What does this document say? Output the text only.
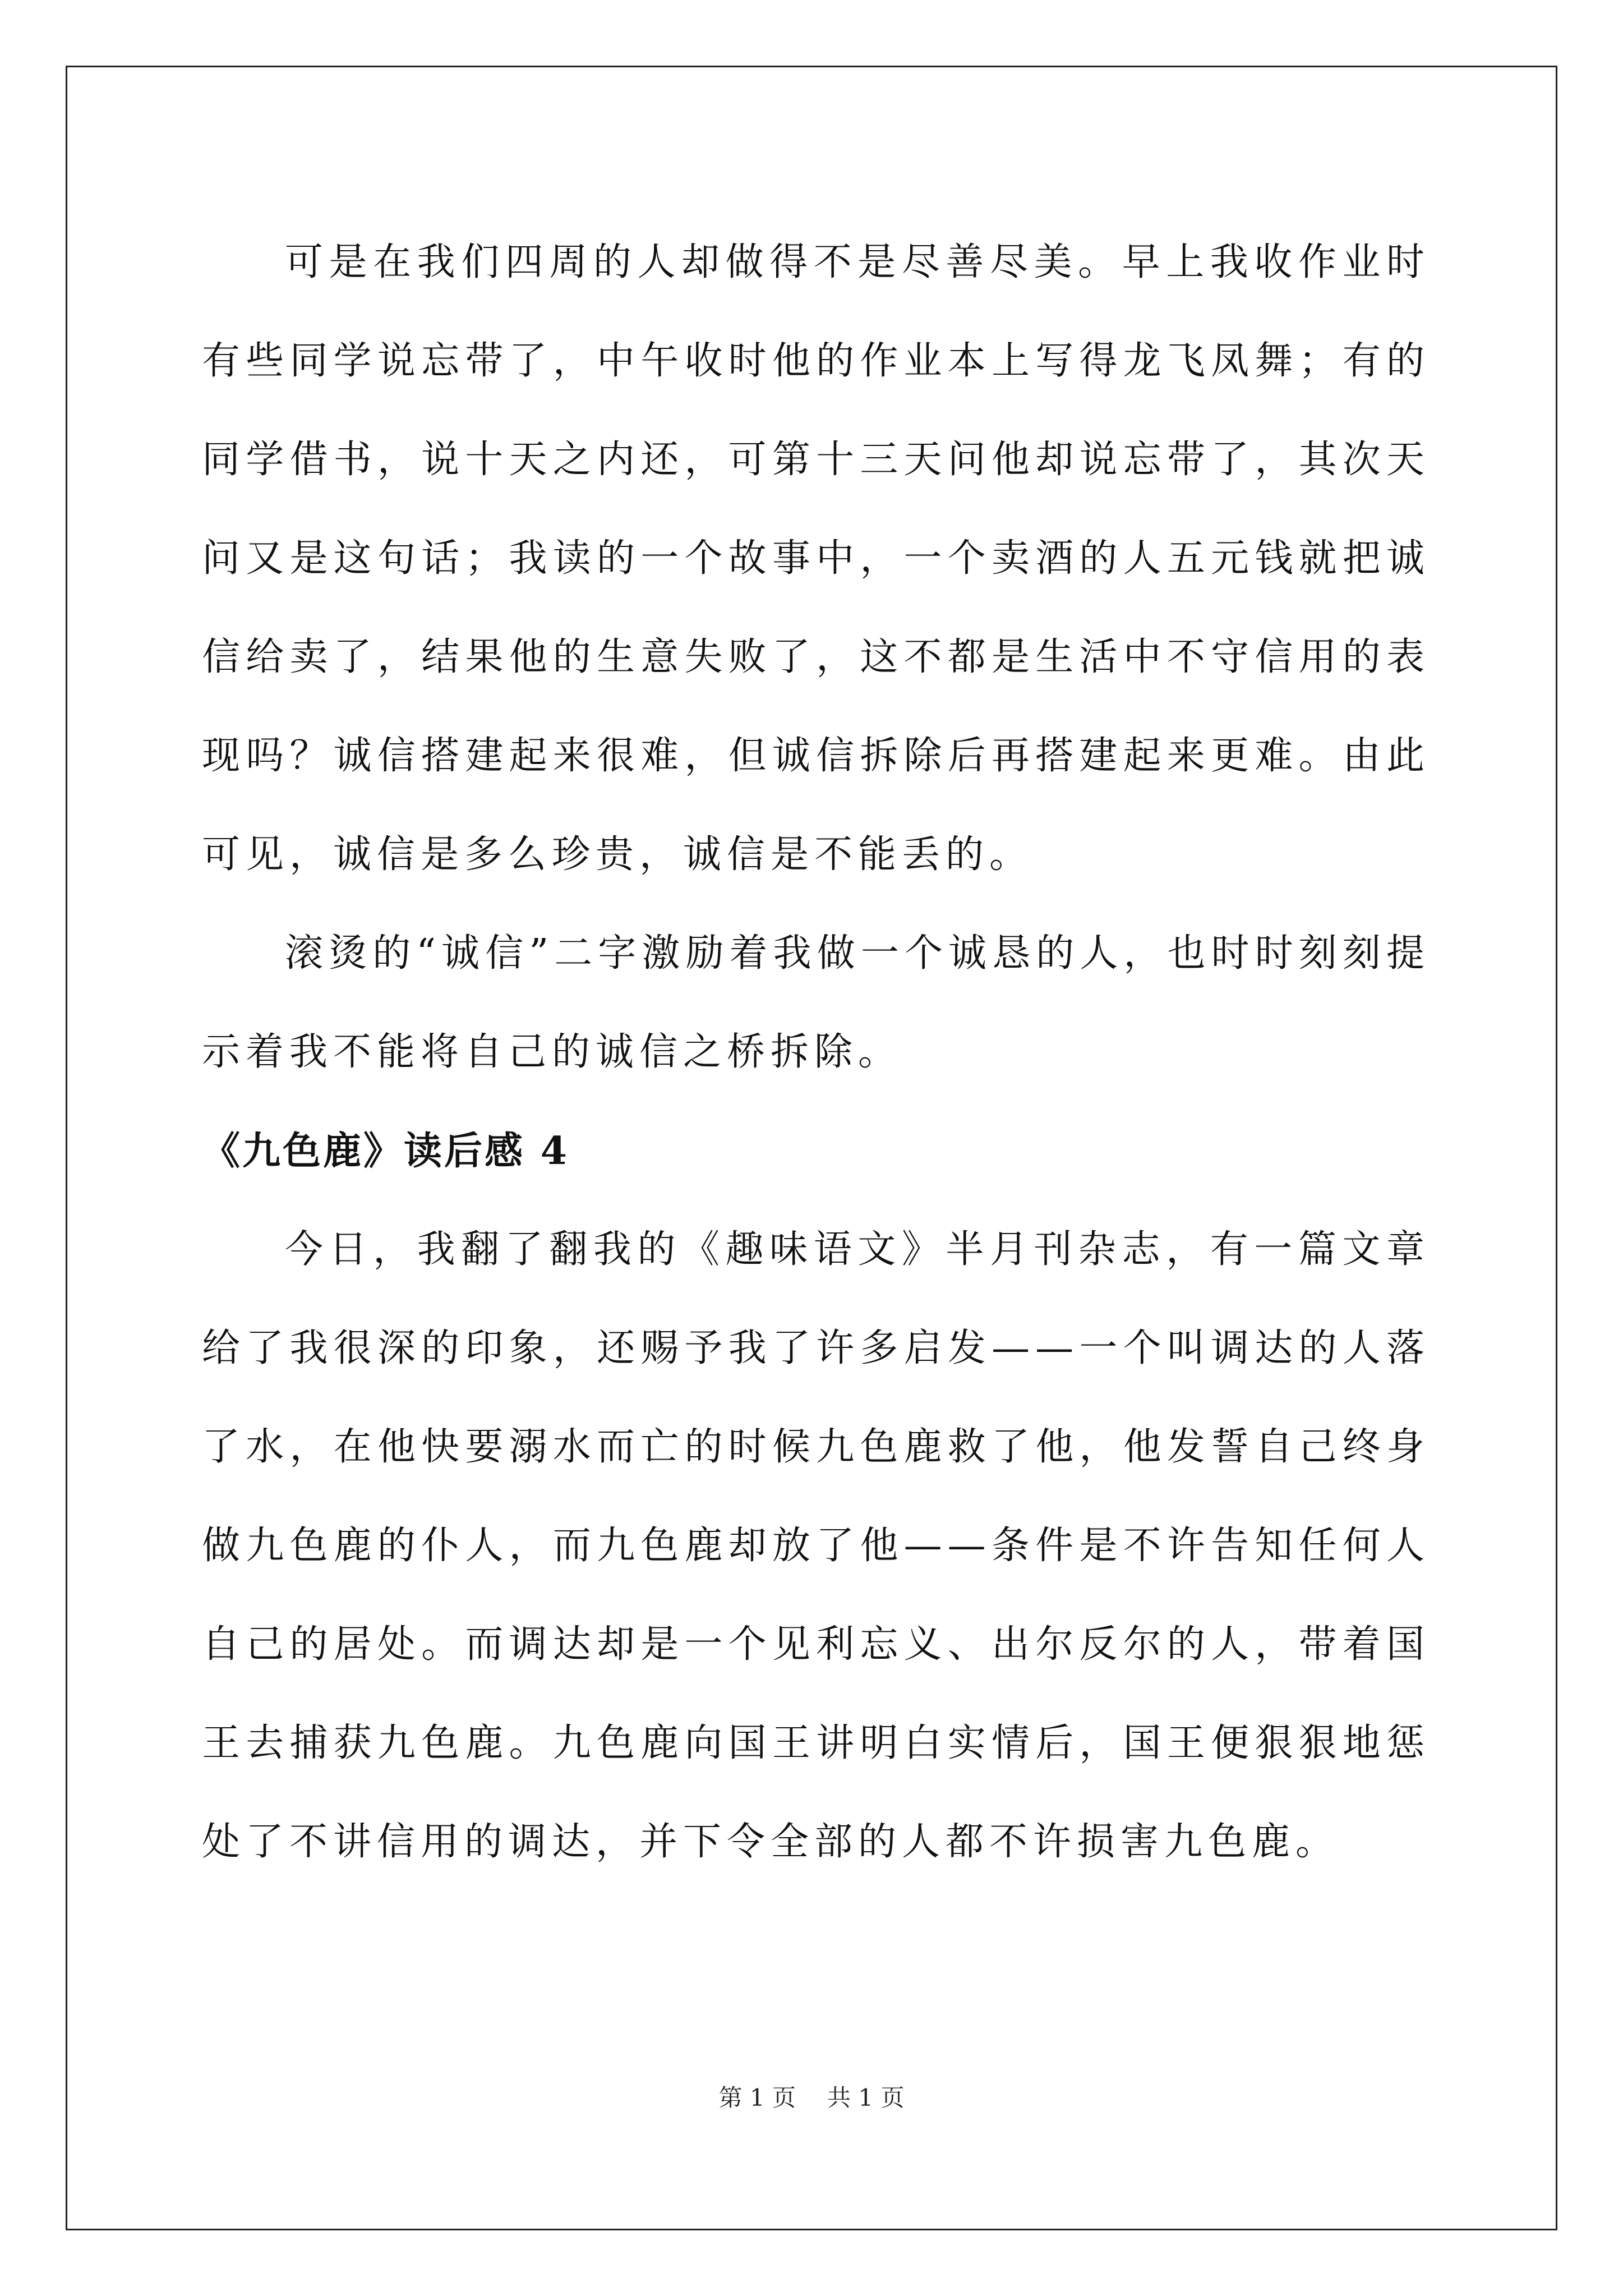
可是在我们四周的人却做得不是尽善尽美。早上我收作业时有些同学说忘带了，中午收时他的作业本上写得龙飞凤舞；有的同学借书，说十天之内还，可第十三天问他却说忘带了，其次天问又是这句话；我读的一个故事中，一个卖酒的人五元钱就把诚信给卖了，结果他的生意失败了，这不都是生活中不守信用的表现吗？诚信搭建起来很难，但诚信拆除后再搭建起来更难。由此可见，诚信是多么珍贵，诚信是不能丢的。

滚烫的“诚信”二字激励着我做一个诚恳的人，也时时刻刻提示着我不能将自己的诚信之桥拆除。

《九色鹿》读后感 4

今日，我翻了翻我的《趣味语文》半月刊杂志，有一篇文章给了我很深的印象，还赐予我了许多启发——一个叫调达的人落了水，在他快要溺水而亡的时候九色鹿救了他，他发誓自己终身做九色鹿的仆人，而九色鹿却放了他——条件是不许告知任何人自己的居处。而调达却是一个见利忘义、出尔反尔的人，带着国王去捕获九色鹿。九色鹿向国王讲明白实情后，国王便狠狠地惩处了不讲信用的调达，并下令全部的人都不许损害九色鹿。

第 1 页 共 1 页
